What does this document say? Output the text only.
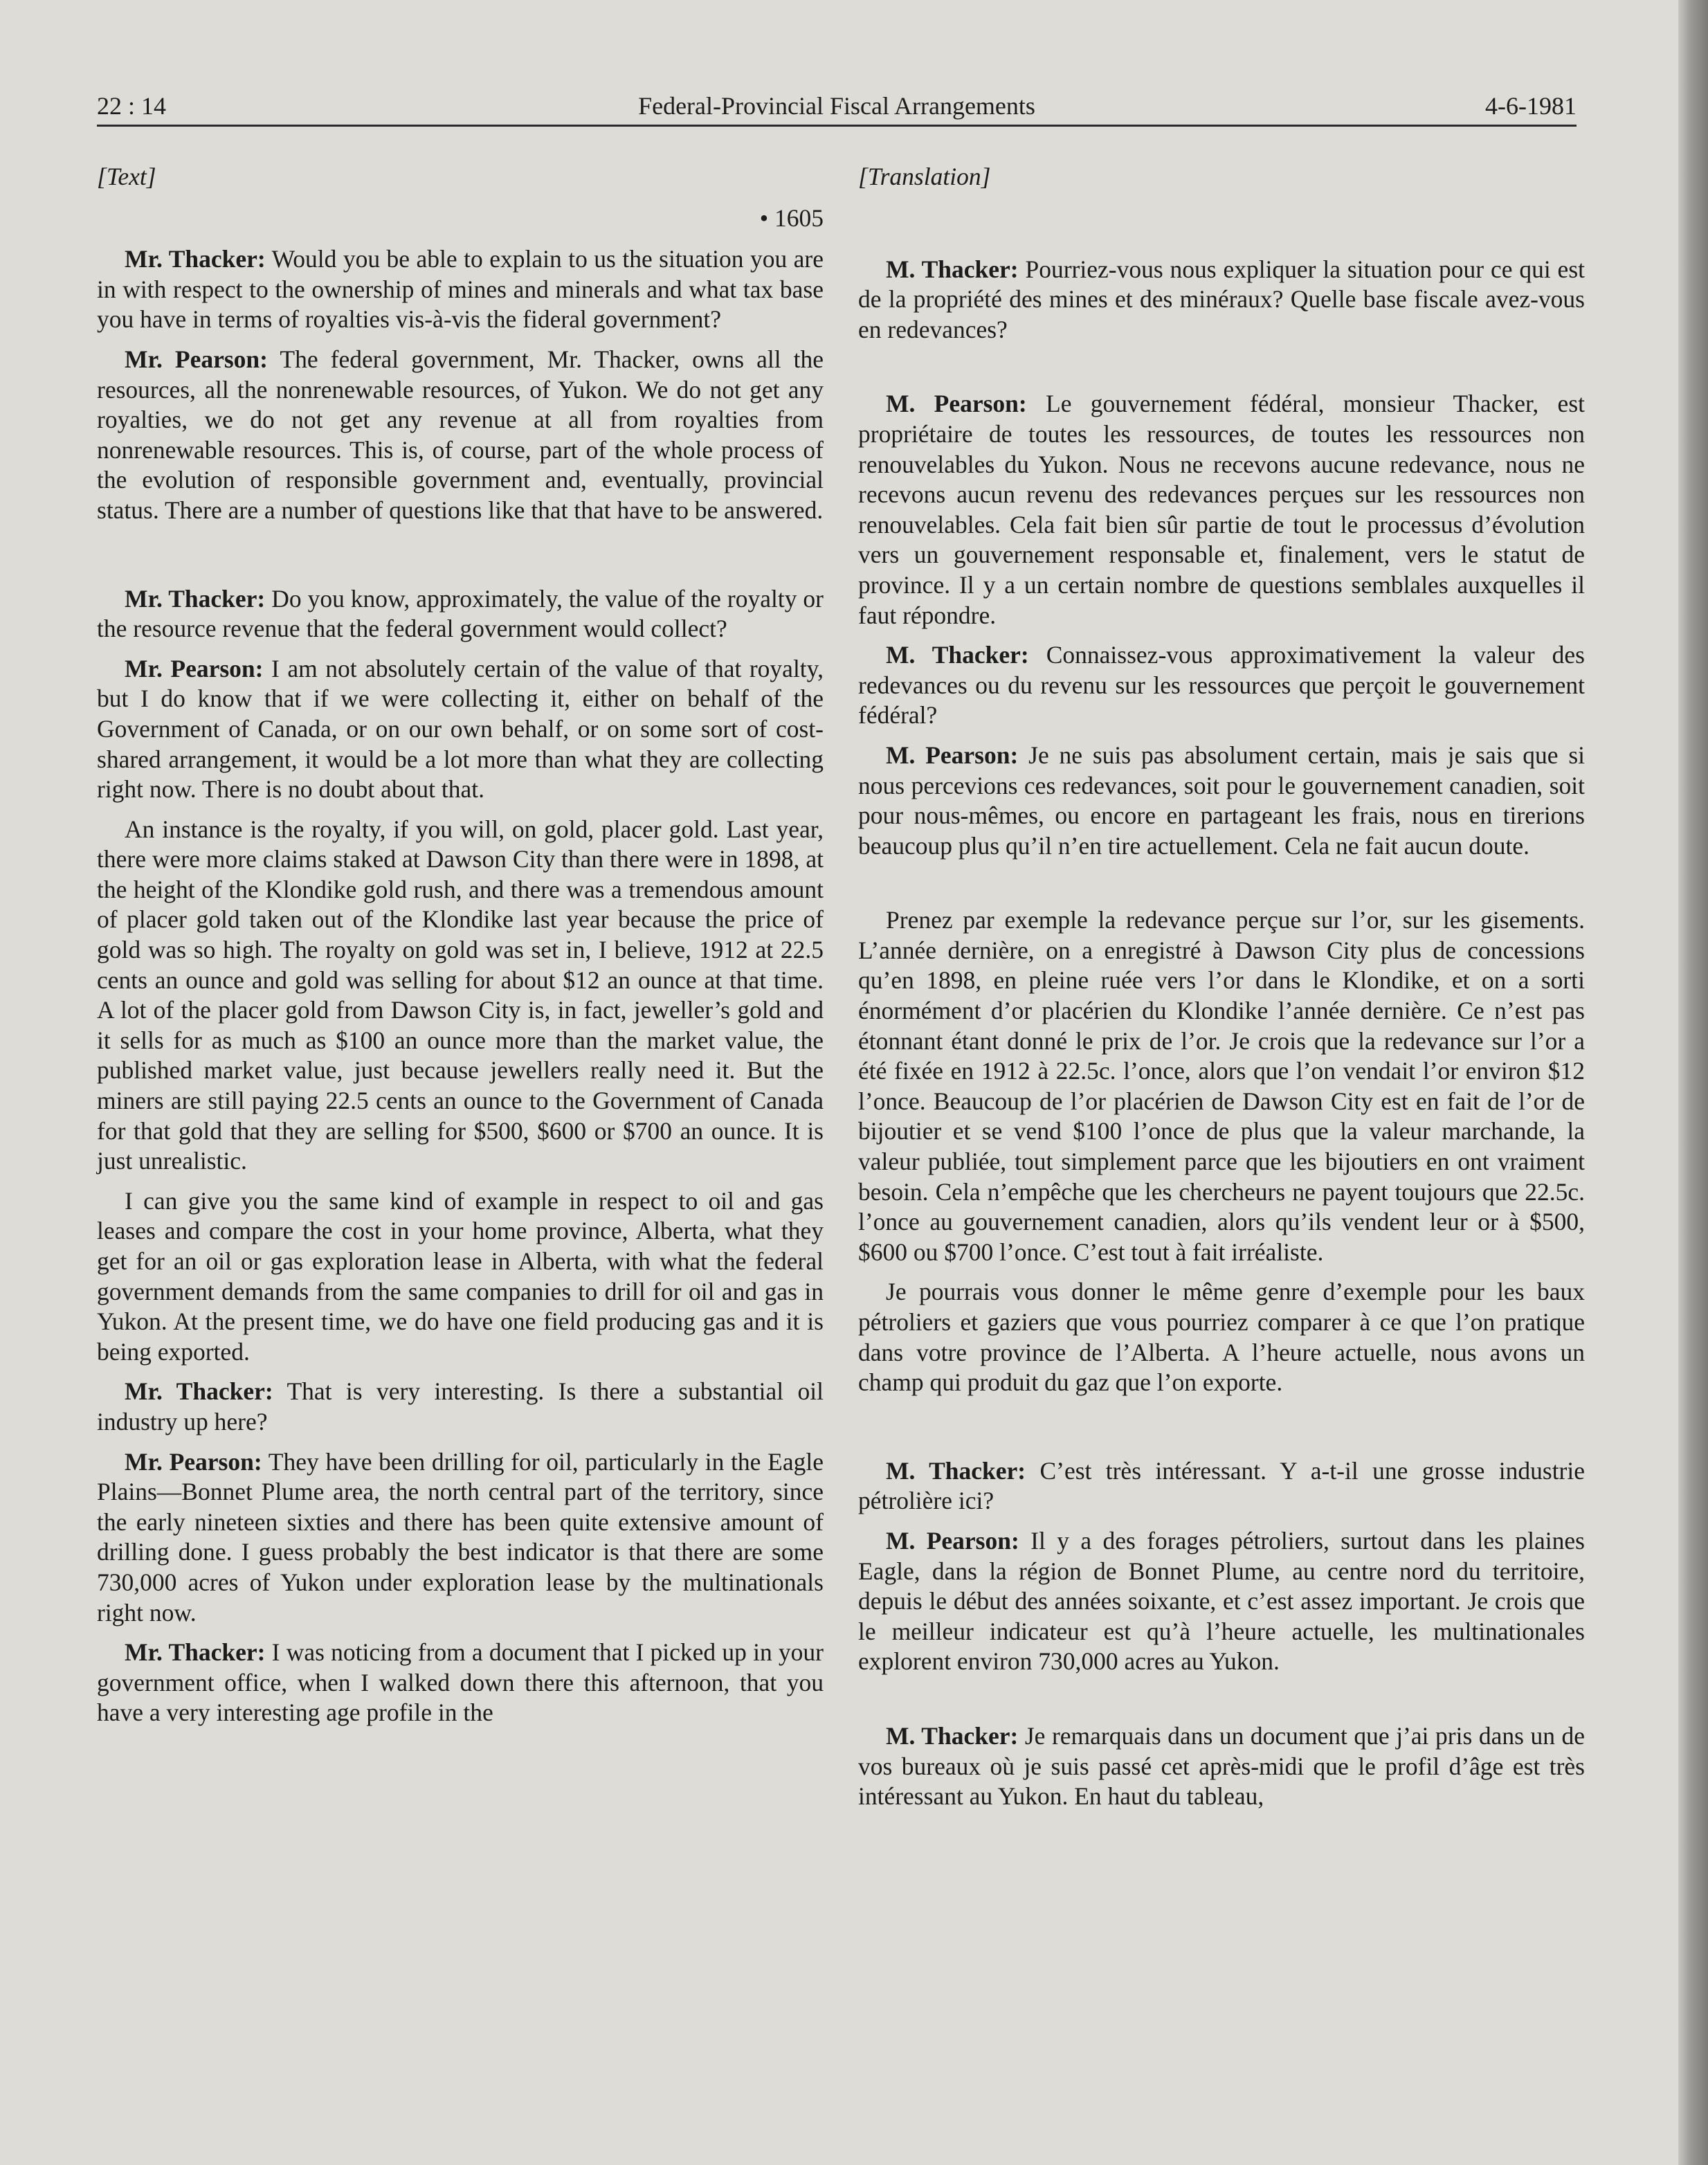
22 : 14	Federal-Provincial Fiscal Arrangements	4-6-1981

[Text]

• 1605

Mr. Thacker: Would you be able to explain to us the situation you are in with respect to the ownership of mines and minerals and what tax base you have in terms of royalties vis-à-vis the fideral government?

Mr. Pearson: The federal government, Mr. Thacker, owns all the resources, all the nonrenewable resources, of Yukon. We do not get any royalties, we do not get any revenue at all from royalties from nonrenewable resources. This is, of course, part of the whole process of the evolution of responsible government and, eventually, provincial status. There are a number of questions like that that have to be answered.

Mr. Thacker: Do you know, approximately, the value of the royalty or the resource revenue that the federal government would collect?

Mr. Pearson: I am not absolutely certain of the value of that royalty, but I do know that if we were collecting it, either on behalf of the Government of Canada, or on our own behalf, or on some sort of cost-shared arrangement, it would be a lot more than what they are collecting right now. There is no doubt about that.

An instance is the royalty, if you will, on gold, placer gold. Last year, there were more claims staked at Dawson City than there were in 1898, at the height of the Klondike gold rush, and there was a tremendous amount of placer gold taken out of the Klondike last year because the price of gold was so high. The royalty on gold was set in, I believe, 1912 at 22.5 cents an ounce and gold was selling for about $12 an ounce at that time. A lot of the placer gold from Dawson City is, in fact, jeweller’s gold and it sells for as much as $100 an ounce more than the market value, the published market value, just because jewellers really need it. But the miners are still paying 22.5 cents an ounce to the Government of Canada for that gold that they are selling for $500, $600 or $700 an ounce. It is just unrealistic.

I can give you the same kind of example in respect to oil and gas leases and compare the cost in your home province, Alberta, what they get for an oil or gas exploration lease in Alberta, with what the federal government demands from the same companies to drill for oil and gas in Yukon. At the present time, we do have one field producing gas and it is being exported.

Mr. Thacker: That is very interesting. Is there a substantial oil industry up here?

Mr. Pearson: They have been drilling for oil, particularly in the Eagle Plains—Bonnet Plume area, the north central part of the territory, since the early nineteen sixties and there has been quite extensive amount of drilling done. I guess probably the best indicator is that there are some 730,000 acres of Yukon under exploration lease by the multinationals right now.

Mr. Thacker: I was noticing from a document that I picked up in your government office, when I walked down there this afternoon, that you have a very interesting age profile in the

[Translation]

M. Thacker: Pourriez-vous nous expliquer la situation pour ce qui est de la propriété des mines et des minéraux? Quelle base fiscale avez-vous en redevances?

M. Pearson: Le gouvernement fédéral, monsieur Thacker, est propriétaire de toutes les ressources, de toutes les ressources non renouvelables du Yukon. Nous ne recevons aucune redevance, nous ne recevons aucun revenu des redevances perçues sur les ressources non renouvelables. Cela fait bien sûr partie de tout le processus d’évolution vers un gouvernement responsable et, finalement, vers le statut de province. Il y a un certain nombre de questions semblales auxquelles il faut répondre.

M. Thacker: Connaissez-vous approximativement la valeur des redevances ou du revenu sur les ressources que perçoit le gouvernement fédéral?

M. Pearson: Je ne suis pas absolument certain, mais je sais que si nous percevions ces redevances, soit pour le gouvernement canadien, soit pour nous-mêmes, ou encore en partageant les frais, nous en tirerions beaucoup plus qu’il n’en tire actuellement. Cela ne fait aucun doute.

Prenez par exemple la redevance perçue sur l’or, sur les gisements. L’année dernière, on a enregistré à Dawson City plus de concessions qu’en 1898, en pleine ruée vers l’or dans le Klondike, et on a sorti énormément d’or placérien du Klondike l’année dernière. Ce n’est pas étonnant étant donné le prix de l’or. Je crois que la redevance sur l’or a été fixée en 1912 à 22.5c. l’once, alors que l’on vendait l’or environ $12 l’once. Beaucoup de l’or placérien de Dawson City est en fait de l’or de bijoutier et se vend $100 l’once de plus que la valeur marchande, la valeur publiée, tout simplement parce que les bijoutiers en ont vraiment besoin. Cela n’empêche que les chercheurs ne payent toujours que 22.5c. l’once au gouvernement canadien, alors qu’ils vendent leur or à $500, $600 ou $700 l’once. C’est tout à fait irréaliste.

Je pourrais vous donner le même genre d’exemple pour les baux pétroliers et gaziers que vous pourriez comparer à ce que l’on pratique dans votre province de l’Alberta. A l’heure actuelle, nous avons un champ qui produit du gaz que l’on exporte.

M. Thacker: C’est très intéressant. Y a-t-il une grosse industrie pétrolière ici?

M. Pearson: Il y a des forages pétroliers, surtout dans les plaines Eagle, dans la région de Bonnet Plume, au centre nord du territoire, depuis le début des années soixante, et c’est assez important. Je crois que le meilleur indicateur est qu’à l’heure actuelle, les multinationales explorent environ 730,000 acres au Yukon.

M. Thacker: Je remarquais dans un document que j’ai pris dans un de vos bureaux où je suis passé cet après-midi que le profil d’âge est très intéressant au Yukon. En haut du tableau,
